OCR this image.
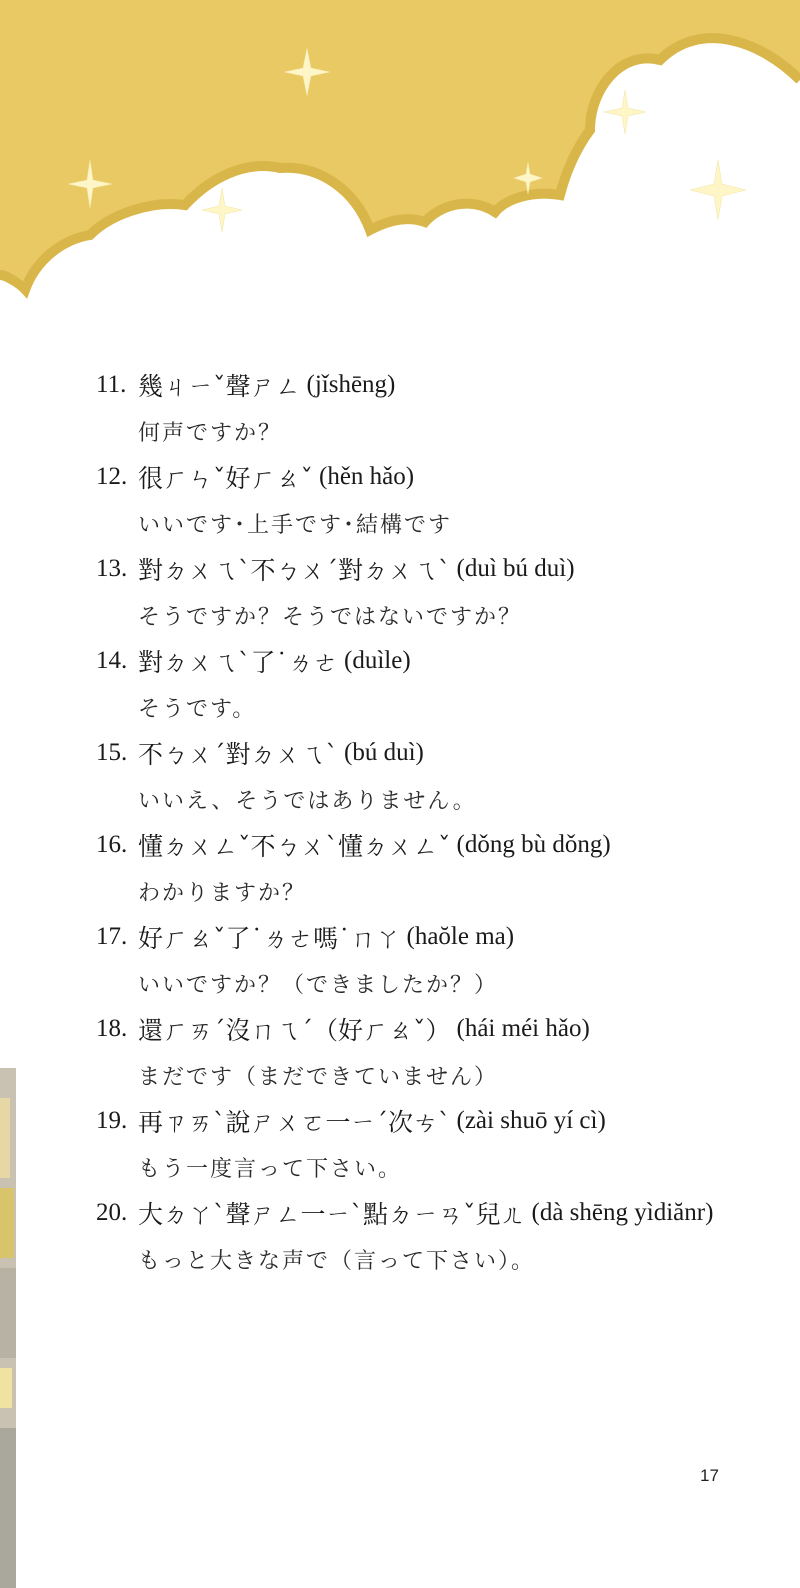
11. 幾ㄐㄧˇ聲ㄕㄥ (jǐshēng)
何声ですか？
12. 很ㄏㄣˇ好ㄏㄠˇ (hěn hǎo)
いいです･上手です･結構です
13. 對ㄉㄨㄟˋ不ㄅㄨˊ對ㄉㄨㄟˋ (duì bú duì)
そうですか？そうではないですか？
14. 對ㄉㄨㄟˋ了˙ㄌㄜ (duìle)
そうです。
15. 不ㄅㄨˊ對ㄉㄨㄟˋ (bú duì)
いいえ、そうではありません。
16. 懂ㄉㄨㄥˇ不ㄅㄨˋ懂ㄉㄨㄥˇ (dǒng bù dǒng)
わかりますか？
17. 好ㄏㄠˇ了˙ㄌㄜ嗎˙ㄇㄚ (haŏle ma)
いいですか？（できましたか？）
18. 還ㄏㄞˊ沒ㄇㄟˊ（好ㄏㄠˇ） (hái méi hǎo)
まだです（まだできていません）
19. 再ㄗㄞˋ說ㄕㄨㄛ一ㄧˊ次ㄘˋ (zài shuō yí cì)
もう一度言って下さい。
20. 大ㄉㄚˋ聲ㄕㄥ一ㄧˋ點ㄉㄧㄢˇ兒ㄦ (dà shēng yìdiănr)
もっと大きな声で（言って下さい）。
17
